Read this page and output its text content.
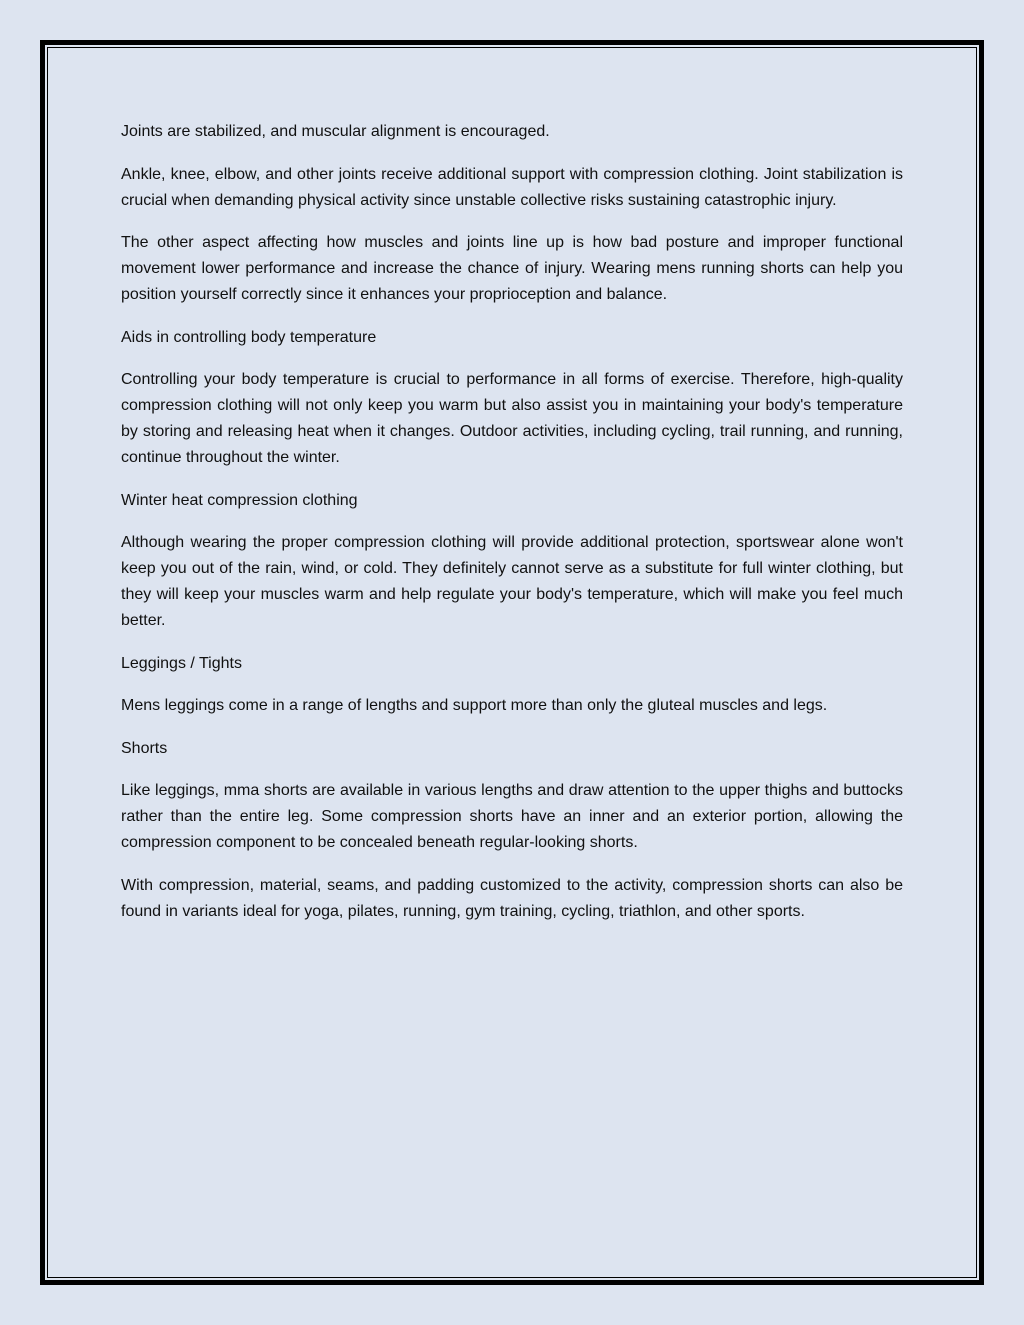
Joints are stabilized, and muscular alignment is encouraged.

Ankle, knee, elbow, and other joints receive additional support with compression clothing. Joint stabilization is crucial when demanding physical activity since unstable collective risks sustaining catastrophic injury.

The other aspect affecting how muscles and joints line up is how bad posture and improper functional movement lower performance and increase the chance of injury. Wearing mens running shorts can help you position yourself correctly since it enhances your proprioception and balance.

Aids in controlling body temperature

Controlling your body temperature is crucial to performance in all forms of exercise. Therefore, high-quality compression clothing will not only keep you warm but also assist you in maintaining your body's temperature by storing and releasing heat when it changes. Outdoor activities, including cycling, trail running, and running, continue throughout the winter.

Winter heat compression clothing

Although wearing the proper compression clothing will provide additional protection, sportswear alone won't keep you out of the rain, wind, or cold. They definitely cannot serve as a substitute for full winter clothing, but they will keep your muscles warm and help regulate your body's temperature, which will make you feel much better.

Leggings / Tights

Mens leggings come in a range of lengths and support more than only the gluteal muscles and legs.

Shorts

Like leggings, mma shorts are available in various lengths and draw attention to the upper thighs and buttocks rather than the entire leg. Some compression shorts have an inner and an exterior portion, allowing the compression component to be concealed beneath regular-looking shorts.

With compression, material, seams, and padding customized to the activity, compression shorts can also be found in variants ideal for yoga, pilates, running, gym training, cycling, triathlon, and other sports.
